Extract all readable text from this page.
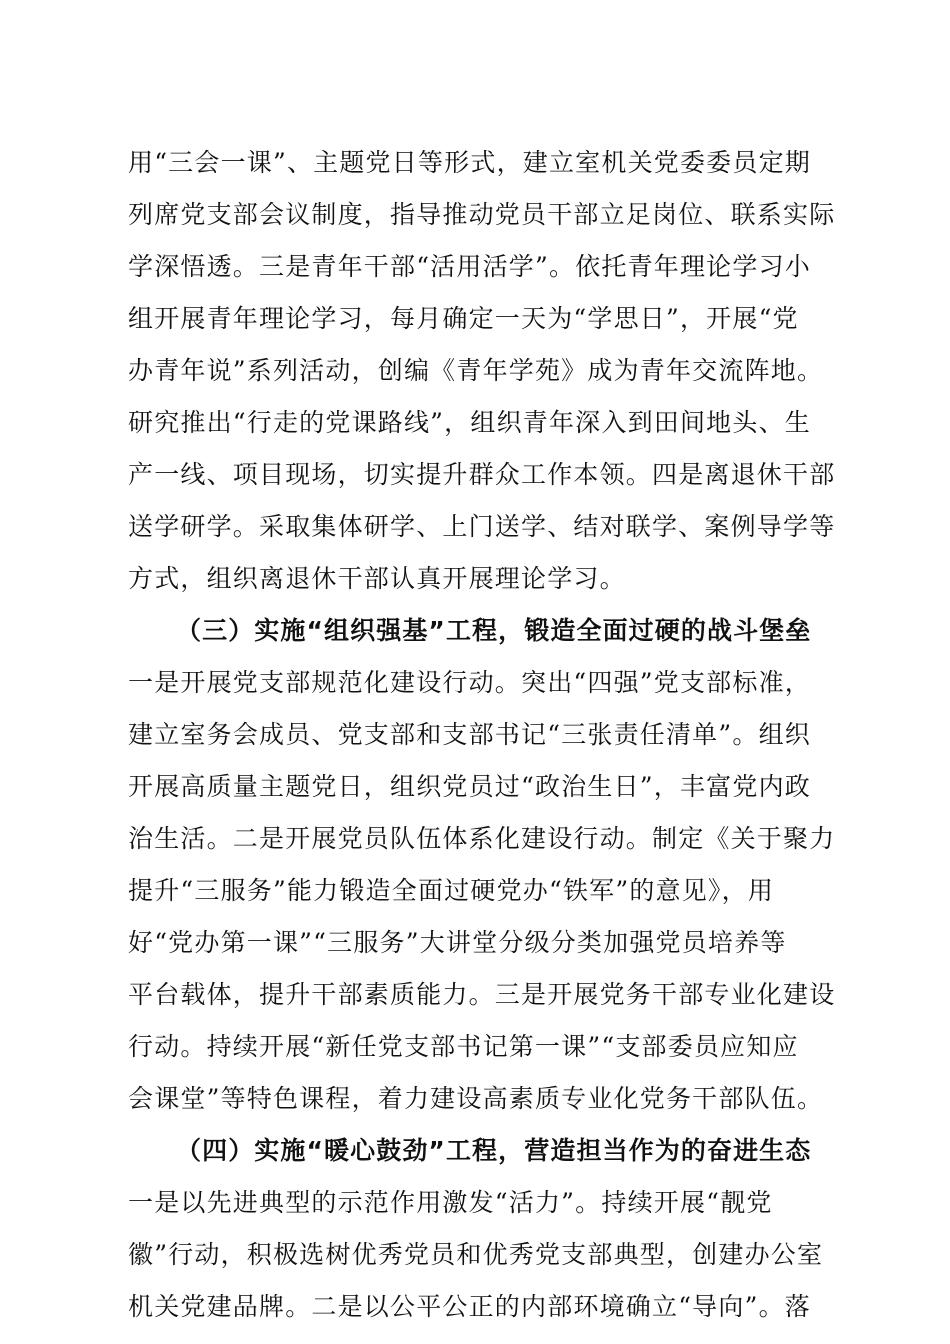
用“三会一课”、主题党日等形式，建立室机关党委委员定期
列席党支部会议制度，指导推动党员干部立足岗位、联系实际
学深悟透。三是青年干部“活用活学”。依托青年理论学习小
组开展青年理论学习，每月确定一天为“学思日”，开展“党
办青年说”系列活动，创编《青年学苑》成为青年交流阵地。
研究推出“行走的党课路线”，组织青年深入到田间地头、生
产一线、项目现场，切实提升群众工作本领。四是离退休干部
送学研学。采取集体研学、上门送学、结对联学、案例导学等
方式，组织离退休干部认真开展理论学习。
（三）实施“组织强基”工程，锻造全面过硬的战斗堡垒
一是开展党支部规范化建设行动。突出“四强”党支部标准，
建立室务会成员、党支部和支部书记“三张责任清单”。组织
开展高质量主题党日，组织党员过“政治生日”，丰富党内政
治生活。二是开展党员队伍体系化建设行动。制定《关于聚力
提升“三服务”能力锻造全面过硬党办“铁军”的意见》，用
好“党办第一课”“三服务”大讲堂分级分类加强党员培养等
平台载体，提升干部素质能力。三是开展党务干部专业化建设
行动。持续开展“新任党支部书记第一课”“支部委员应知应
会课堂”等特色课程，着力建设高素质专业化党务干部队伍。
（四）实施“暖心鼓劲”工程，营造担当作为的奋进生态
一是以先进典型的示范作用激发“活力”。持续开展“靓党
徽”行动，积极选树优秀党员和优秀党支部典型，创建办公室
机关党建品牌。二是以公平公正的内部环境确立“导向”。落
